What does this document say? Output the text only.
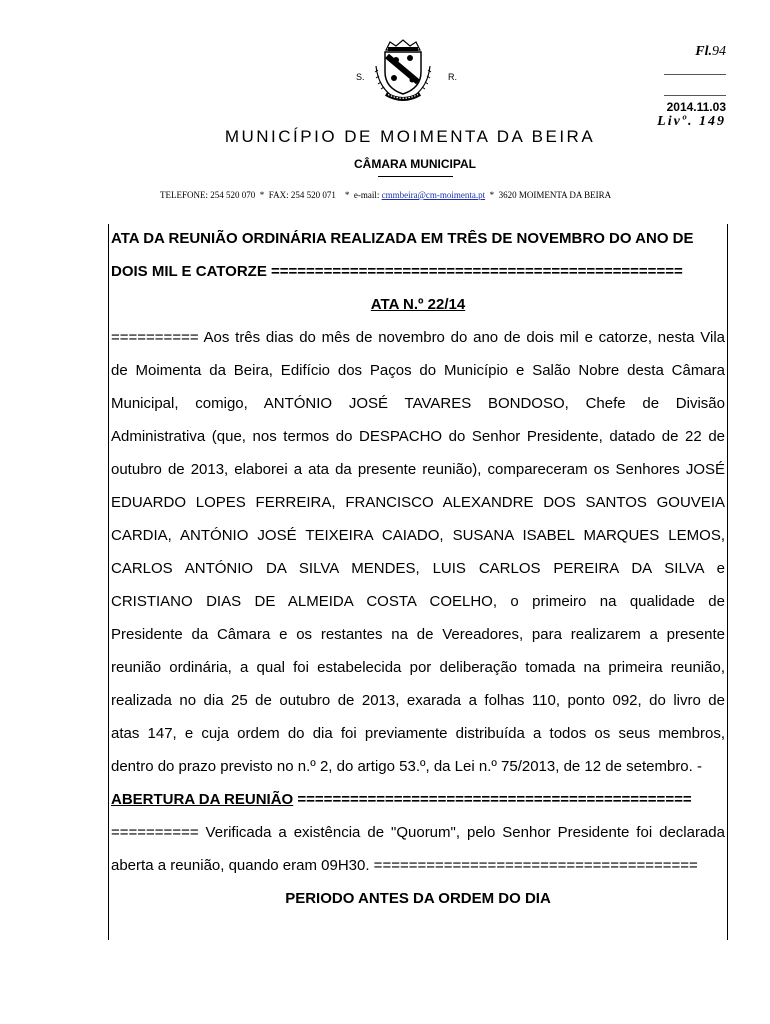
S.	R.
Fl.94
2014.11.03
Livº. 149
MUNICÍPIO DE MOIMENTA DA BEIRA
CÂMARA MUNICIPAL
TELEFONE: 254 520 070  *  FAX: 254 520 071    *  e-mail: cmmbeira@cm-moimenta.pt  *  3620 MOIMENTA DA BEIRA
ATA DA REUNIÃO ORDINÁRIA REALIZADA EM TRÊS DE NOVEMBRO DO ANO DE
DOIS MIL E CATORZE ===============================================
ATA N.º 22/14
========== Aos três dias do mês de novembro do ano de dois mil e catorze, nesta Vila
de Moimenta da Beira, Edifício dos Paços do Município e Salão Nobre desta Câmara
Municipal, comigo, ANTÓNIO JOSÉ TAVARES BONDOSO, Chefe de Divisão
Administrativa (que, nos termos do DESPACHO do Senhor Presidente, datado de 22 de
outubro de 2013, elaborei a ata da presente reunião), compareceram os Senhores JOSÉ
EDUARDO LOPES FERREIRA, FRANCISCO ALEXANDRE DOS SANTOS GOUVEIA
CARDIA, ANTÓNIO JOSÉ TEIXEIRA CAIADO, SUSANA ISABEL MARQUES LEMOS,
CARLOS ANTÓNIO DA SILVA MENDES, LUIS CARLOS PEREIRA DA SILVA e
CRISTIANO DIAS DE ALMEIDA COSTA COELHO, o primeiro na qualidade de
Presidente da Câmara e os restantes na de Vereadores, para realizarem a presente
reunião ordinária, a qual foi estabelecida por deliberação tomada na primeira reunião,
realizada no dia 25 de outubro de 2013, exarada a folhas 110, ponto 092, do livro de
atas 147, e cuja ordem do dia foi previamente distribuída a todos os seus membros,
dentro do prazo previsto no n.º 2, do artigo 53.º, da Lei n.º 75/2013, de 12 de setembro. -
ABERTURA DA REUNIÃO =============================================
========== Verificada a existência de "Quorum", pelo Senhor Presidente foi declarada
aberta a reunião, quando eram 09H30. =====================================
PERIODO ANTES DA ORDEM DO DIA
